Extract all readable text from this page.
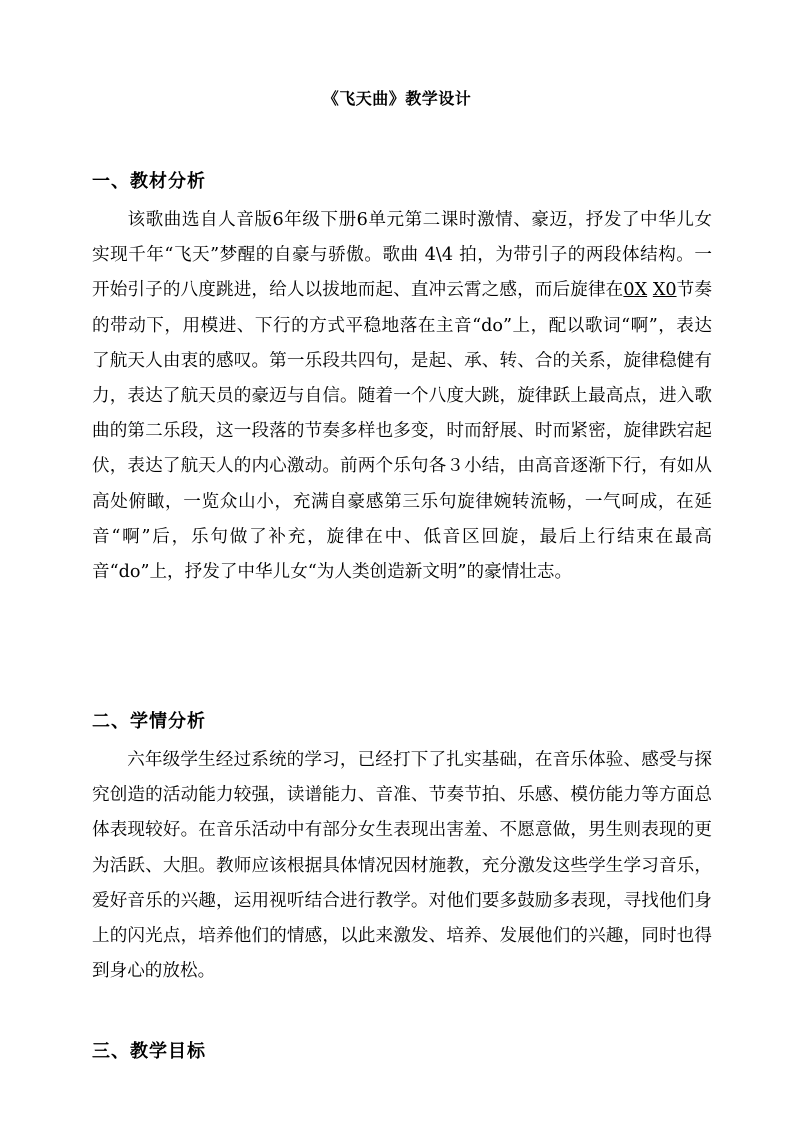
《飞天曲》教学设计
一、教材分析

该歌曲选自人音版6年级下册6单元第二课时激情、豪迈，抒发了中华儿女实现千年“飞天”梦醒的自豪与骄傲。歌曲 4\4 拍，为带引子的两段体结构。一开始引子的八度跳进，给人以拔地而起、直冲云霄之感，而后旋律在0X X0节奏的带动下，用模进、下行的方式平稳地落在主音“do”上，配以歌词“啊”，表达了航天人由衷的感叹。第一乐段共四句，是起、承、转、合的关系，旋律稳健有力，表达了航天员的豪迈与自信。随着一个八度大跳，旋律跃上最高点，进入歌曲的第二乐段，这一段落的节奏多样也多变，时而舒展、时而紧密，旋律跌宕起伏，表达了航天人的内心激动。前两个乐句各３小结，由高音逐渐下行，有如从高处俯瞰，一览众山小，充满自豪感第三乐句旋律婉转流畅，一气呵成，在延音“啊”后，乐句做了补充，旋律在中、低音区回旋，最后上行结束在最高音“do”上，抒发了中华儿女“为人类创造新文明”的豪情壮志。

二、学情分析

六年级学生经过系统的学习，已经打下了扎实基础，在音乐体验、感受与探究创造的活动能力较强，读谱能力、音准、节奏节拍、乐感、模仿能力等方面总体表现较好。在音乐活动中有部分女生表现出害羞、不愿意做，男生则表现的更为活跃、大胆。教师应该根据具体情况因材施教，充分激发这些学生学习音乐，爱好音乐的兴趣，运用视听结合进行教学。对他们要多鼓励多表现，寻找他们身上的闪光点，培养他们的情感，以此来激发、培养、发展他们的兴趣，同时也得到身心的放松。

三、教学目标
